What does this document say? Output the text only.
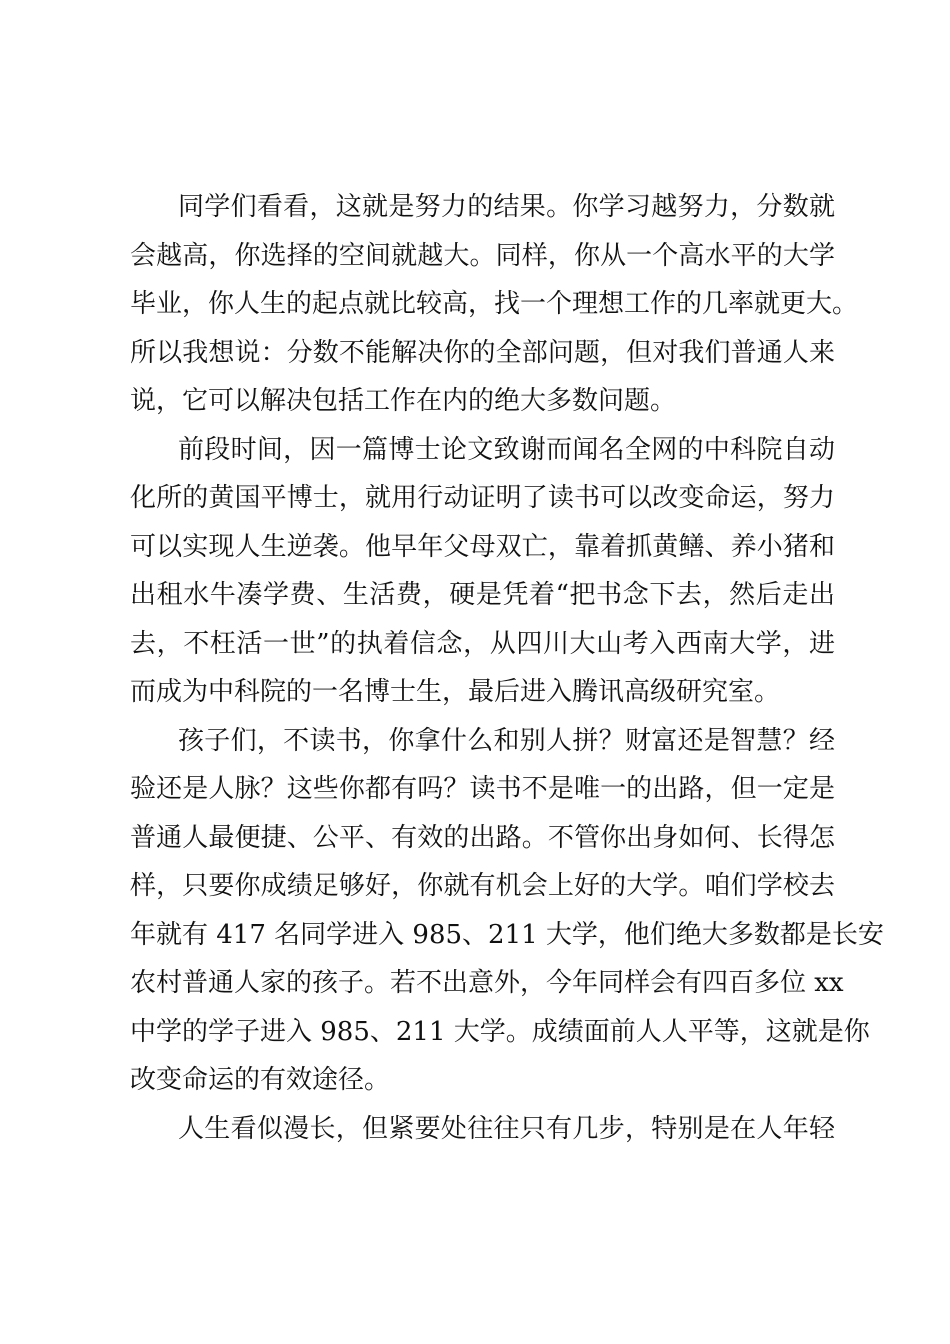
同学们看看，这就是努力的结果。你学习越努力，分数就
会越高，你选择的空间就越大。同样，你从一个高水平的大学
毕业，你人生的起点就比较高，找一个理想工作的几率就更大。
所以我想说：分数不能解决你的全部问题，但对我们普通人来
说，它可以解决包括工作在内的绝大多数问题。
前段时间，因一篇博士论文致谢而闻名全网的中科院自动
化所的黄国平博士，就用行动证明了读书可以改变命运，努力
可以实现人生逆袭。他早年父母双亡，靠着抓黄鳝、养小猪和
出租水牛凑学费、生活费，硬是凭着“把书念下去，然后走出
去，不枉活一世”的执着信念，从四川大山考入西南大学，进
而成为中科院的一名博士生，最后进入腾讯高级研究室。
孩子们，不读书，你拿什么和别人拼？财富还是智慧？经
验还是人脉？这些你都有吗？读书不是唯一的出路，但一定是
普通人最便捷、公平、有效的出路。不管你出身如何、长得怎
样，只要你成绩足够好，你就有机会上好的大学。咱们学校去
年就有 417 名同学进入 985、211 大学，他们绝大多数都是长安
农村普通人家的孩子。若不出意外，今年同样会有四百多位 xx
中学的学子进入 985、211 大学。成绩面前人人平等，这就是你
改变命运的有效途径。
人生看似漫长，但紧要处往往只有几步，特别是在人年轻
